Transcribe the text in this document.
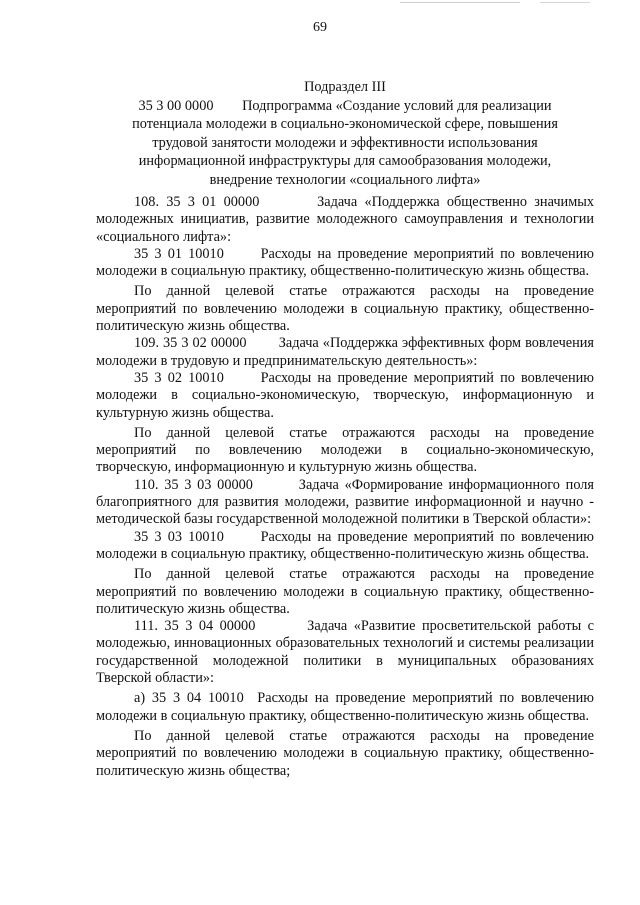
69
Подраздел III
35 3 00 0000        Подпрограмма «Создание условий для реализации
потенциала молодежи в социально-экономической сфере, повышения
трудовой занятости молодежи и эффективности использования
информационной инфраструктуры для самообразования молодежи,
внедрение технологии «социального лифта»

108. 35 3 01 00000        Задача «Поддержка общественно значимых молодежных инициатив, развитие молодежного самоуправления и технологии «социального лифта»:

35 3 01 10010      Расходы на проведение мероприятий по вовлечению молодежи в социальную практику, общественно-политическую жизнь общества.

По данной целевой статье отражаются расходы на проведение мероприятий по вовлечению молодежи в социальную практику, общественно-политическую жизнь общества.

109. 35 3 02 00000        Задача «Поддержка эффективных форм вовлечения молодежи в трудовую и предпринимательскую деятельность»:

35 3 02 10010      Расходы на проведение мероприятий по вовлечению молодежи в социально-экономическую, творческую, информационную и культурную жизнь общества.

По данной целевой статье отражаются расходы на проведение мероприятий по вовлечению молодежи в социально-экономическую, творческую, информационную и культурную жизнь общества.

110. 35 3 03 00000        Задача «Формирование информационного поля благоприятного для развития молодежи, развитие информационной и научно - методической базы государственной молодежной политики в Тверской области»:

35 3 03 10010      Расходы на проведение мероприятий по вовлечению молодежи в социальную практику, общественно-политическую жизнь общества.

По данной целевой статье отражаются расходы на проведение мероприятий по вовлечению молодежи в социальную практику, общественно-политическую жизнь общества.

111. 35 3 04 00000        Задача «Развитие просветительской работы с молодежью, инновационных образовательных технологий и системы реализации государственной молодежной политики в муниципальных образованиях Тверской области»:

а) 35 3 04 10010  Расходы на проведение мероприятий по вовлечению молодежи в социальную практику, общественно-политическую жизнь общества.

По данной целевой статье отражаются расходы на проведение мероприятий по вовлечению молодежи в социальную практику, общественно-политическую жизнь общества;
